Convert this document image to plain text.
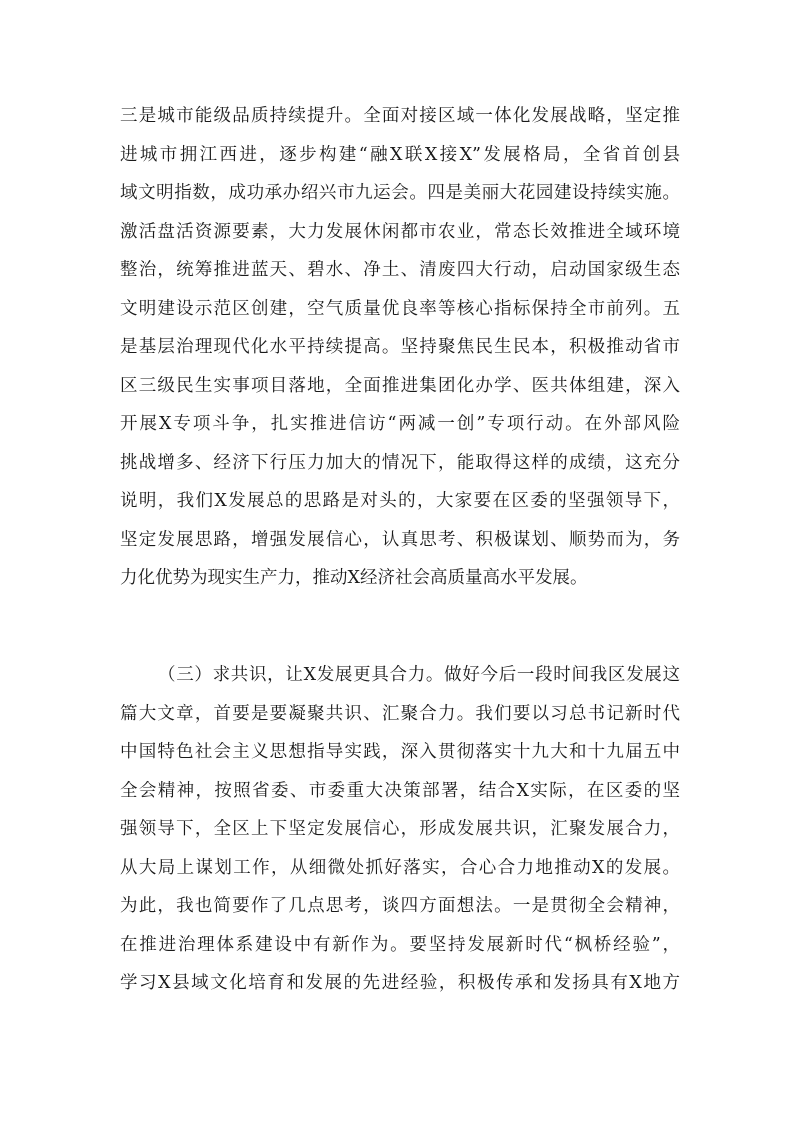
三是城市能级品质持续提升。全面对接区域一体化发展战略，坚定推
进城市拥江西进，逐步构建“融X联X接X”发展格局，全省首创县
域文明指数，成功承办绍兴市九运会。四是美丽大花园建设持续实施。
激活盘活资源要素，大力发展休闲都市农业，常态长效推进全域环境
整治，统筹推进蓝天、碧水、净土、清废四大行动，启动国家级生态
文明建设示范区创建，空气质量优良率等核心指标保持全市前列。五
是基层治理现代化水平持续提高。坚持聚焦民生民本，积极推动省市
区三级民生实事项目落地，全面推进集团化办学、医共体组建，深入
开展X专项斗争，扎实推进信访“两减一创”专项行动。在外部风险
挑战增多、经济下行压力加大的情况下，能取得这样的成绩，这充分
说明，我们X发展总的思路是对头的，大家要在区委的坚强领导下，
坚定发展思路，增强发展信心，认真思考、积极谋划、顺势而为，务
力化优势为现实生产力，推动X经济社会高质量高水平发展。
（三）求共识，让X发展更具合力。做好今后一段时间我区发展这
篇大文章，首要是要凝聚共识、汇聚合力。我们要以习总书记新时代
中国特色社会主义思想指导实践，深入贯彻落实十九大和十九届五中
全会精神，按照省委、市委重大决策部署，结合X实际，在区委的坚
强领导下，全区上下坚定发展信心，形成发展共识，汇聚发展合力，
从大局上谋划工作，从细微处抓好落实，合心合力地推动X的发展。
为此，我也简要作了几点思考，谈四方面想法。一是贯彻全会精神，
在推进治理体系建设中有新作为。要坚持发展新时代“枫桥经验”，
学习X县域文化培育和发展的先进经验，积极传承和发扬具有X地方
